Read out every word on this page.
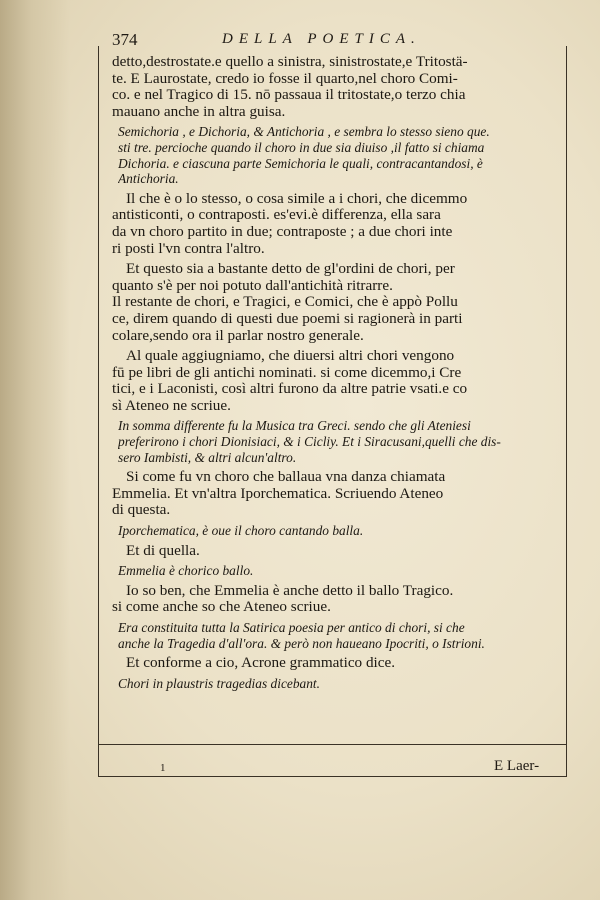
374	DELLA POETICA.
detto,destrostate.e quello a sinistra, sinistrostate,e Tritostä-
te. E Laurostate, credo io fosse il quarto,nel choro Comi-
co. e nel Tragico di 15. nō passaua il tritostate,o terzo chia
mauano anche in altra guisa.
Semichoria , e Dichoria, & Antichoria , e sembra lo stesso sieno que.
sti tre. percioche quando il choro in due sia diuiso ,il fatto si chiama
Dichoria. e ciascuna parte Semichoria le quali, contracantandosi, è
Antichoria.
Il che è o lo stesso, o cosa simile a i chori, che dicemmo
antisticonti, o contraposti. es'evi.è differenza, ella sara
da vn choro partito in due; contraposte ; a due chori inte
ri posti l'vn contra l'altro.
Et questo sia a bastante detto de gl'ordini de chori, per
quanto s'è per noi potuto dall'antichità ritrarre.
Il restante de chori, e Tragici, e Comici, che è appò Pollu
ce, direm quando di questi due poemi si ragionerà in parti
colare,sendo ora il parlar nostro generale.
Al quale aggiugniamo, che diuersi altri chori vengono
fū pe libri de gli antichi nominati. si come dicemmo,i Cre
tici, e i Laconisti, così altri furono da altre patrie vsati.e co
sì Ateneo ne scriue.
In somma differente fu la Musica tra Greci. sendo che gli Ateniesi
preferirono i chori Dionisiaci, & i Cicliy. Et i Siracusani,quelli che dis-
sero Iambisti, & altri alcun'altro.
Si come fu vn choro che ballaua vna danza chiamata
Emmelia. Et vn'altra Iporchematica. Scriuendo Ateneo
di questa.
Iporchematica, è oue il choro cantando balla.
Et di quella.
Emmelia è chorico ballo.
Io so ben, che Emmelia è anche detto il ballo Tragico.
si come anche so che Ateneo scriue.
Era constituita tutta la Satirica poesia per antico di chori, si che
anche la Tragedia d'all'ora. & però non haueano Ipocriti, o Istrioni.
Et conforme a cio, Acrone grammatico dice.
Chori in plaustris tragedias dicebant.
1	E Laer-
